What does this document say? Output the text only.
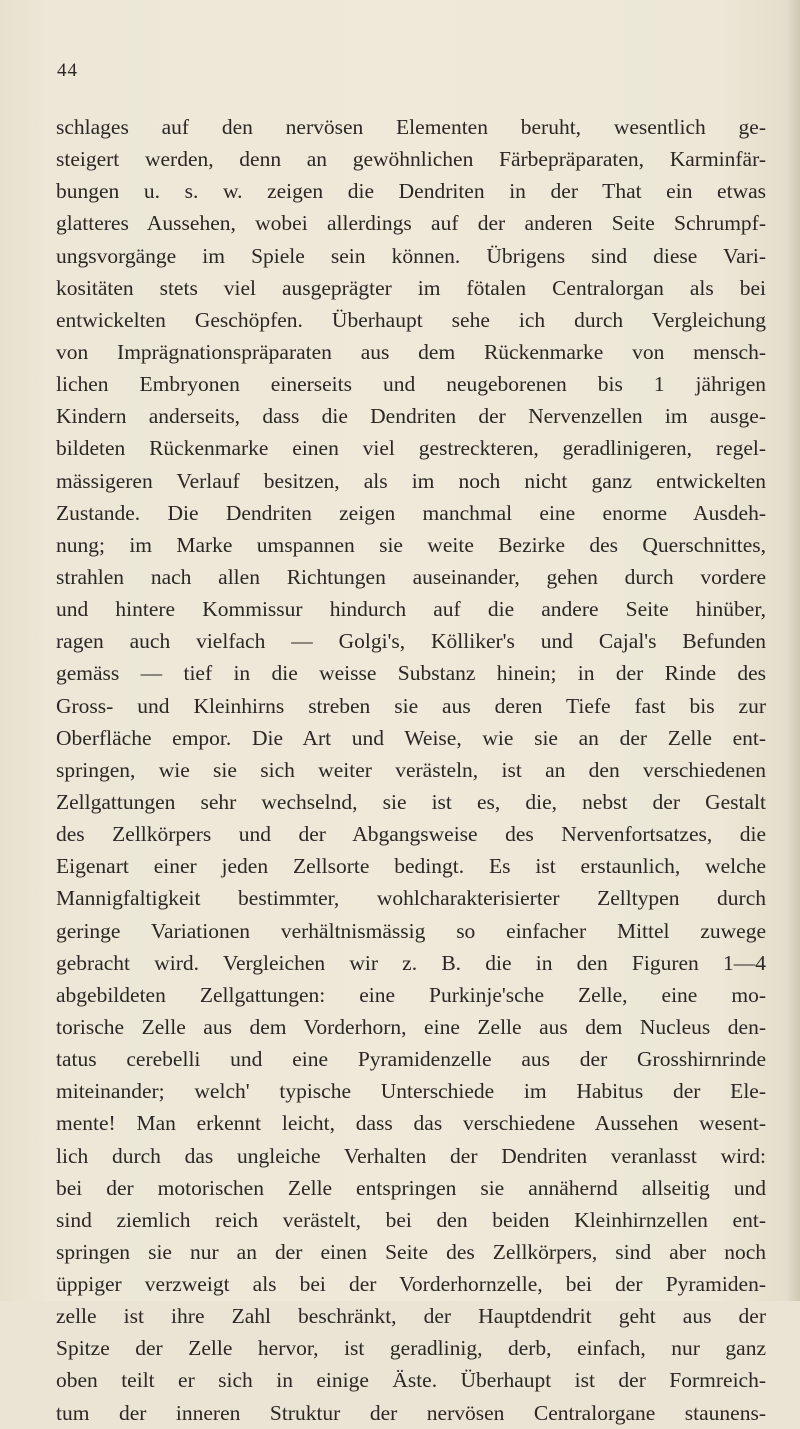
44
schlages auf den nervösen Elementen beruht, wesentlich ge-
steigert werden, denn an gewöhnlichen Färbepräparaten, Karminfär-
bungen u. s. w. zeigen die Dendriten in der That ein etwas
glatteres Aussehen, wobei allerdings auf der anderen Seite Schrumpf-
ungsvorgänge im Spiele sein können. Übrigens sind diese Vari-
kositäten stets viel ausgeprägter im fötalen Centralorgan als bei
entwickelten Geschöpfen. Überhaupt sehe ich durch Vergleichung
von Imprägnationspräparaten aus dem Rückenmarke von mensch-
lichen Embryonen einerseits und neugeborenen bis 1 jährigen
Kindern anderseits, dass die Dendriten der Nervenzellen im ausge-
bildeten Rückenmarke einen viel gestreckteren, geradlinigeren, regel-
mässigeren Verlauf besitzen, als im noch nicht ganz entwickelten
Zustande. Die Dendriten zeigen manchmal eine enorme Ausdeh-
nung; im Marke umspannen sie weite Bezirke des Querschnittes,
strahlen nach allen Richtungen auseinander, gehen durch vordere
und hintere Kommissur hindurch auf die andere Seite hinüber,
ragen auch vielfach — Golgi's, Kölliker's und Cajal's Befunden
gemäss — tief in die weisse Substanz hinein; in der Rinde des
Gross- und Kleinhirns streben sie aus deren Tiefe fast bis zur
Oberfläche empor. Die Art und Weise, wie sie an der Zelle ent-
springen, wie sie sich weiter verästeln, ist an den verschiedenen
Zellgattungen sehr wechselnd, sie ist es, die, nebst der Gestalt
des Zellkörpers und der Abgangsweise des Nervenfortsatzes, die
Eigenart einer jeden Zellsorte bedingt. Es ist erstaunlich, welche
Mannigfaltigkeit bestimmter, wohlcharakterisierter Zelltypen durch
geringe Variationen verhältnismässig so einfacher Mittel zuwege
gebracht wird. Vergleichen wir z. B. die in den Figuren 1—4
abgebildeten Zellgattungen: eine Purkinje'sche Zelle, eine mo-
torische Zelle aus dem Vorderhorn, eine Zelle aus dem Nucleus den-
tatus cerebelli und eine Pyramidenzelle aus der Grosshirnrinde
miteinander; welch' typische Unterschiede im Habitus der Ele-
mente! Man erkennt leicht, dass das verschiedene Aussehen wesent-
lich durch das ungleiche Verhalten der Dendriten veranlasst wird:
bei der motorischen Zelle entspringen sie annähernd allseitig und
sind ziemlich reich verästelt, bei den beiden Kleinhirnzellen ent-
springen sie nur an der einen Seite des Zellkörpers, sind aber noch
üppiger verzweigt als bei der Vorderhornzelle, bei der Pyramiden-
zelle ist ihre Zahl beschränkt, der Hauptdendrit geht aus der
Spitze der Zelle hervor, ist geradlinig, derb, einfach, nur ganz
oben teilt er sich in einige Äste. Überhaupt ist der Formreich-
tum der inneren Struktur der nervösen Centralorgane staunens-
